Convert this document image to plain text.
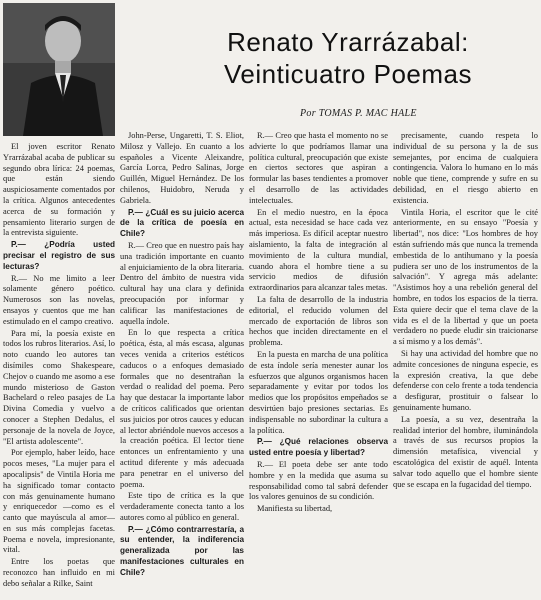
Renato Yrarrázabal:
Veinticuatro Poemas
Por TOMAS P. MAC HALE

El joven escritor Renato Yrarrázabal acaba de publicar su segundo obra lírica: 24 poemas, que están siendo auspiciosamente comentados por la crítica. Algunos antecedentes acerca de su formación y pensamiento literario surgen de la entrevista siguiente.

P.— ¿Podría usted precisar el registro de sus lecturas?

R.— No me limito a leer solamente género poético. Numerosos son las novelas, ensayos y cuentos que me han estimulado en el campo creativo.

Para mí, la poesía existe en todos los rubros literarios. Así, lo noto cuando leo autores tan disímiles como Shakespeare, Chejov o cuando me asomo a ese mundo misterioso de Gaston Bachelard o releo pasajes de La Divina Comedia y vuelvo a conocer a Stephen Dedalus, el personaje de la novela de Joyce, "El artista adolescente".

Por ejemplo, haber leído, hace pocos meses, "La mujer para el apocalipsis" de Vintila Horia me ha significado tomar contacto con más genuinamente humano y enriquecedor —como es el canto que mayúscula al amor— en sus más complejas facetas. Poema e novela, impresionante, vital.

Entre los poetas que reconozco han influido en mi debo señalar a Rilke, Saint

John-Perse, Ungaretti, T. S. Eliot, Milosz y Vallejo. En cuanto a los españoles a Vicente Aleixandre, García Lorca, Pedro Salinas, Jorge Guillén, Miguel Hernández. De los chilenos, Huidobro, Neruda y Gabriela.

P.— ¿Cuál es su juicio acerca de la crítica de poesía en Chile?

R.— Creo que en nuestro país hay una tradición importante en cuanto al enjuiciamiento de la obra literaria. Dentro del ámbito de nuestra vida cultural hay una clara y definida preocupación por informar y calificar las manifestaciones de aquella índole.

En lo que respecta a crítica poética, ésta, al más escasa, algunas veces venida a criterios estéticos caducos o a enfoques demasiado formales que no desentrañan la verdad o realidad del poema. Pero hay que destacar la importante labor de críticos calificados que orientan sus juicios por otros cauces y educan al lector abriéndole nuevos accesos a la creación poética. El lector tiene entonces un enfrentamiento y una actitud diferente y más adecuada para penetrar en el universo del poema.

Este tipo de crítica es la que verdaderamente conecta tanto a los autores como al público en general.

P.— ¿Cómo contrarrestaría, a su entender, la indiferencia generalizada por las manifestaciones culturales en Chile?

R.— Creo que hasta el momento no se advierte lo que podríamos llamar una política cultural, preocupación que existe en ciertos sectores que aspiran a formular las bases tendientes a promover el desarrollo de las actividades intelectuales.

En el medio nuestro, en la época actual, esta necesidad se hace cada vez más imperiosa. Es difícil aceptar nuestro aislamiento, la falta de integración al movimiento de la cultura mundial, cuando ahora el hombre tiene a su servicio medios de difusión extraordinarios para alcanzar tales metas.

La falta de desarrollo de la industria editorial, el reducido volumen del mercado de exportación de libros son hechos que inciden directamente en el problema.

En la puesta en marcha de una política de esta índole sería menester aunar los esfuerzos que algunos organismos hacen separadamente y evitar por todos los medios que los propósitos empeñados se desvirtúen bajo presiones sectarias. Es indispensable no subordinar la cultura a la política.

P.— ¿Qué relaciones observa usted entre poesía y libertad?

R.— El poeta debe ser ante todo hombre y en la medida que asuma su responsabilidad como tal sabrá defender los valores genuinos de su condición.

Manifiesta su libertad,

precisamente, cuando respeta lo individual de su persona y la de sus semejantes, por encima de cualquiera contingencia. Valora lo humano en lo más noble que tiene, comprende y sufre en su debilidad, en el riesgo abierto en existencia.

Vintila Horia, el escritor que le cité anteriormente, en su ensayo "Poesía y libertad", nos dice: "Los hombres de hoy están sufriendo más que nunca la tremenda embestida de lo antihumano y la poesía pudiera ser uno de los instrumentos de la salvación". Y agrega más adelante: "Asistimos hoy a una rebelión general del hombre, en todos los espacios de la tierra. Esta quiere decir que el tema clave de la vida es el de la libertad y que un poeta verdadero no puede eludir sin traicionarse a sí mismo y a los demás".

Si hay una actividad del hombre que no admite concesiones de ninguna especie, es la expresión creativa, la que debe defenderse con celo frente a toda tendencia a desfigurar, prostituir o falsear lo genuinamente humano.

La poesía, a su vez, desentraña la realidad interior del hombre, iluminándola a través de sus recursos propios la dimensión metafísica, vivencial y escatológica del existir de aquél. Intenta salvar todo aquello que el hombre siente que se escapa en la fugacidad del tiempo.
